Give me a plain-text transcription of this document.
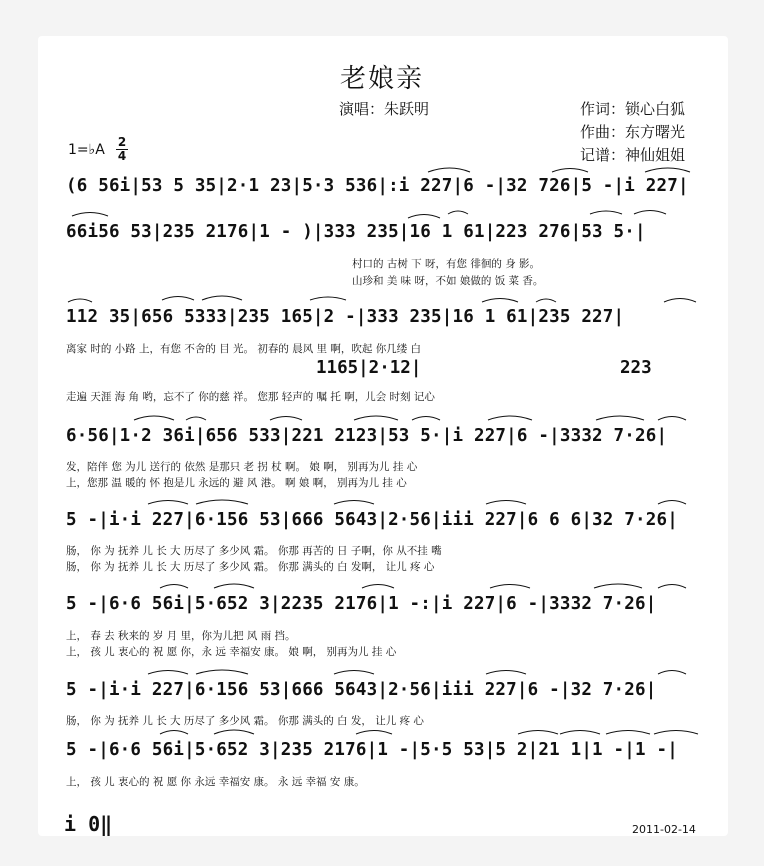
老娘亲
演唱：朱跃明	作词：锁心白狐
作曲：东方曙光
记谱：神仙姐姐
1=♭A 2
4
(6 56i|53 5 35|2·1 23|5·3 536|:i 227|6 -|32 726|5 -|i 227|
66i56 53|235 2176|1 - )|333 235|16 1 61|223 276|53 5·|
村口的 古树 下 呀，有您 徘徊的 身 影。
山珍和 美 味 呀，不如 娘做的 饭 菜 香。
112 35|656 5333|235 165|2 -|333 235|16 1 61|235 227|
离家 时的 小路 上，有您 不舍的 目 光。 初春的 晨风 里 啊，吹起 你几缕 白
1165|2·12|	223
走遍 天涯 海 角 哟，忘不了 你的慈 祥。 您那 轻声的 嘱 托 啊，儿会 时刻 记心
6·56|1·2 36i|656 533|221 2123|53 5·|i 227|6 -|3332 7·26|
发，陪伴 您 为儿 送行的 依然 是那只 老 拐 杖 啊。 娘 啊， 别再为儿 挂 心
上，您那 温 暖的 怀 抱是儿 永远的 避 风 港。 啊 娘 啊， 别再为儿 挂 心
5 -|i·i 227|6·156 53|666 5643|2·56|iii 227|6 6 6|32 7·26|
肠， 你 为 抚养 儿 长 大 历尽了 多少风 霜。 你那 再苦的 日 子啊，你 从不挂 嘴
肠， 你 为 抚养 儿 长 大 历尽了 多少风 霜。 你那 满头的 白 发啊， 让儿 疼 心
5 -|6·6 56i|5·652 3|2235 2176|1 -:|i 227|6 -|3332 7·26|
上， 春 去 秋来的 岁 月 里，你为儿把 风 雨 挡。
上， 孩 儿 衷心的 祝 愿 你，永 远 幸福安 康。 娘 啊， 别再为儿 挂 心
5 -|i·i 227|6·156 53|666 5643|2·56|iii 227|6 -|32 7·26|
肠， 你 为 抚养 儿 长 大 历尽了 多少风 霜。 你那 满头的 白 发， 让儿 疼 心
5 -|6·6 56i|5·652 3|235 2176|1 -|5·5 53|5 2|21 1|1 -|1 -|
上， 孩 儿 衷心的 祝 愿 你 永远 幸福安 康。 永 远 幸福 安 康。
i 0‖	2011-02-14
